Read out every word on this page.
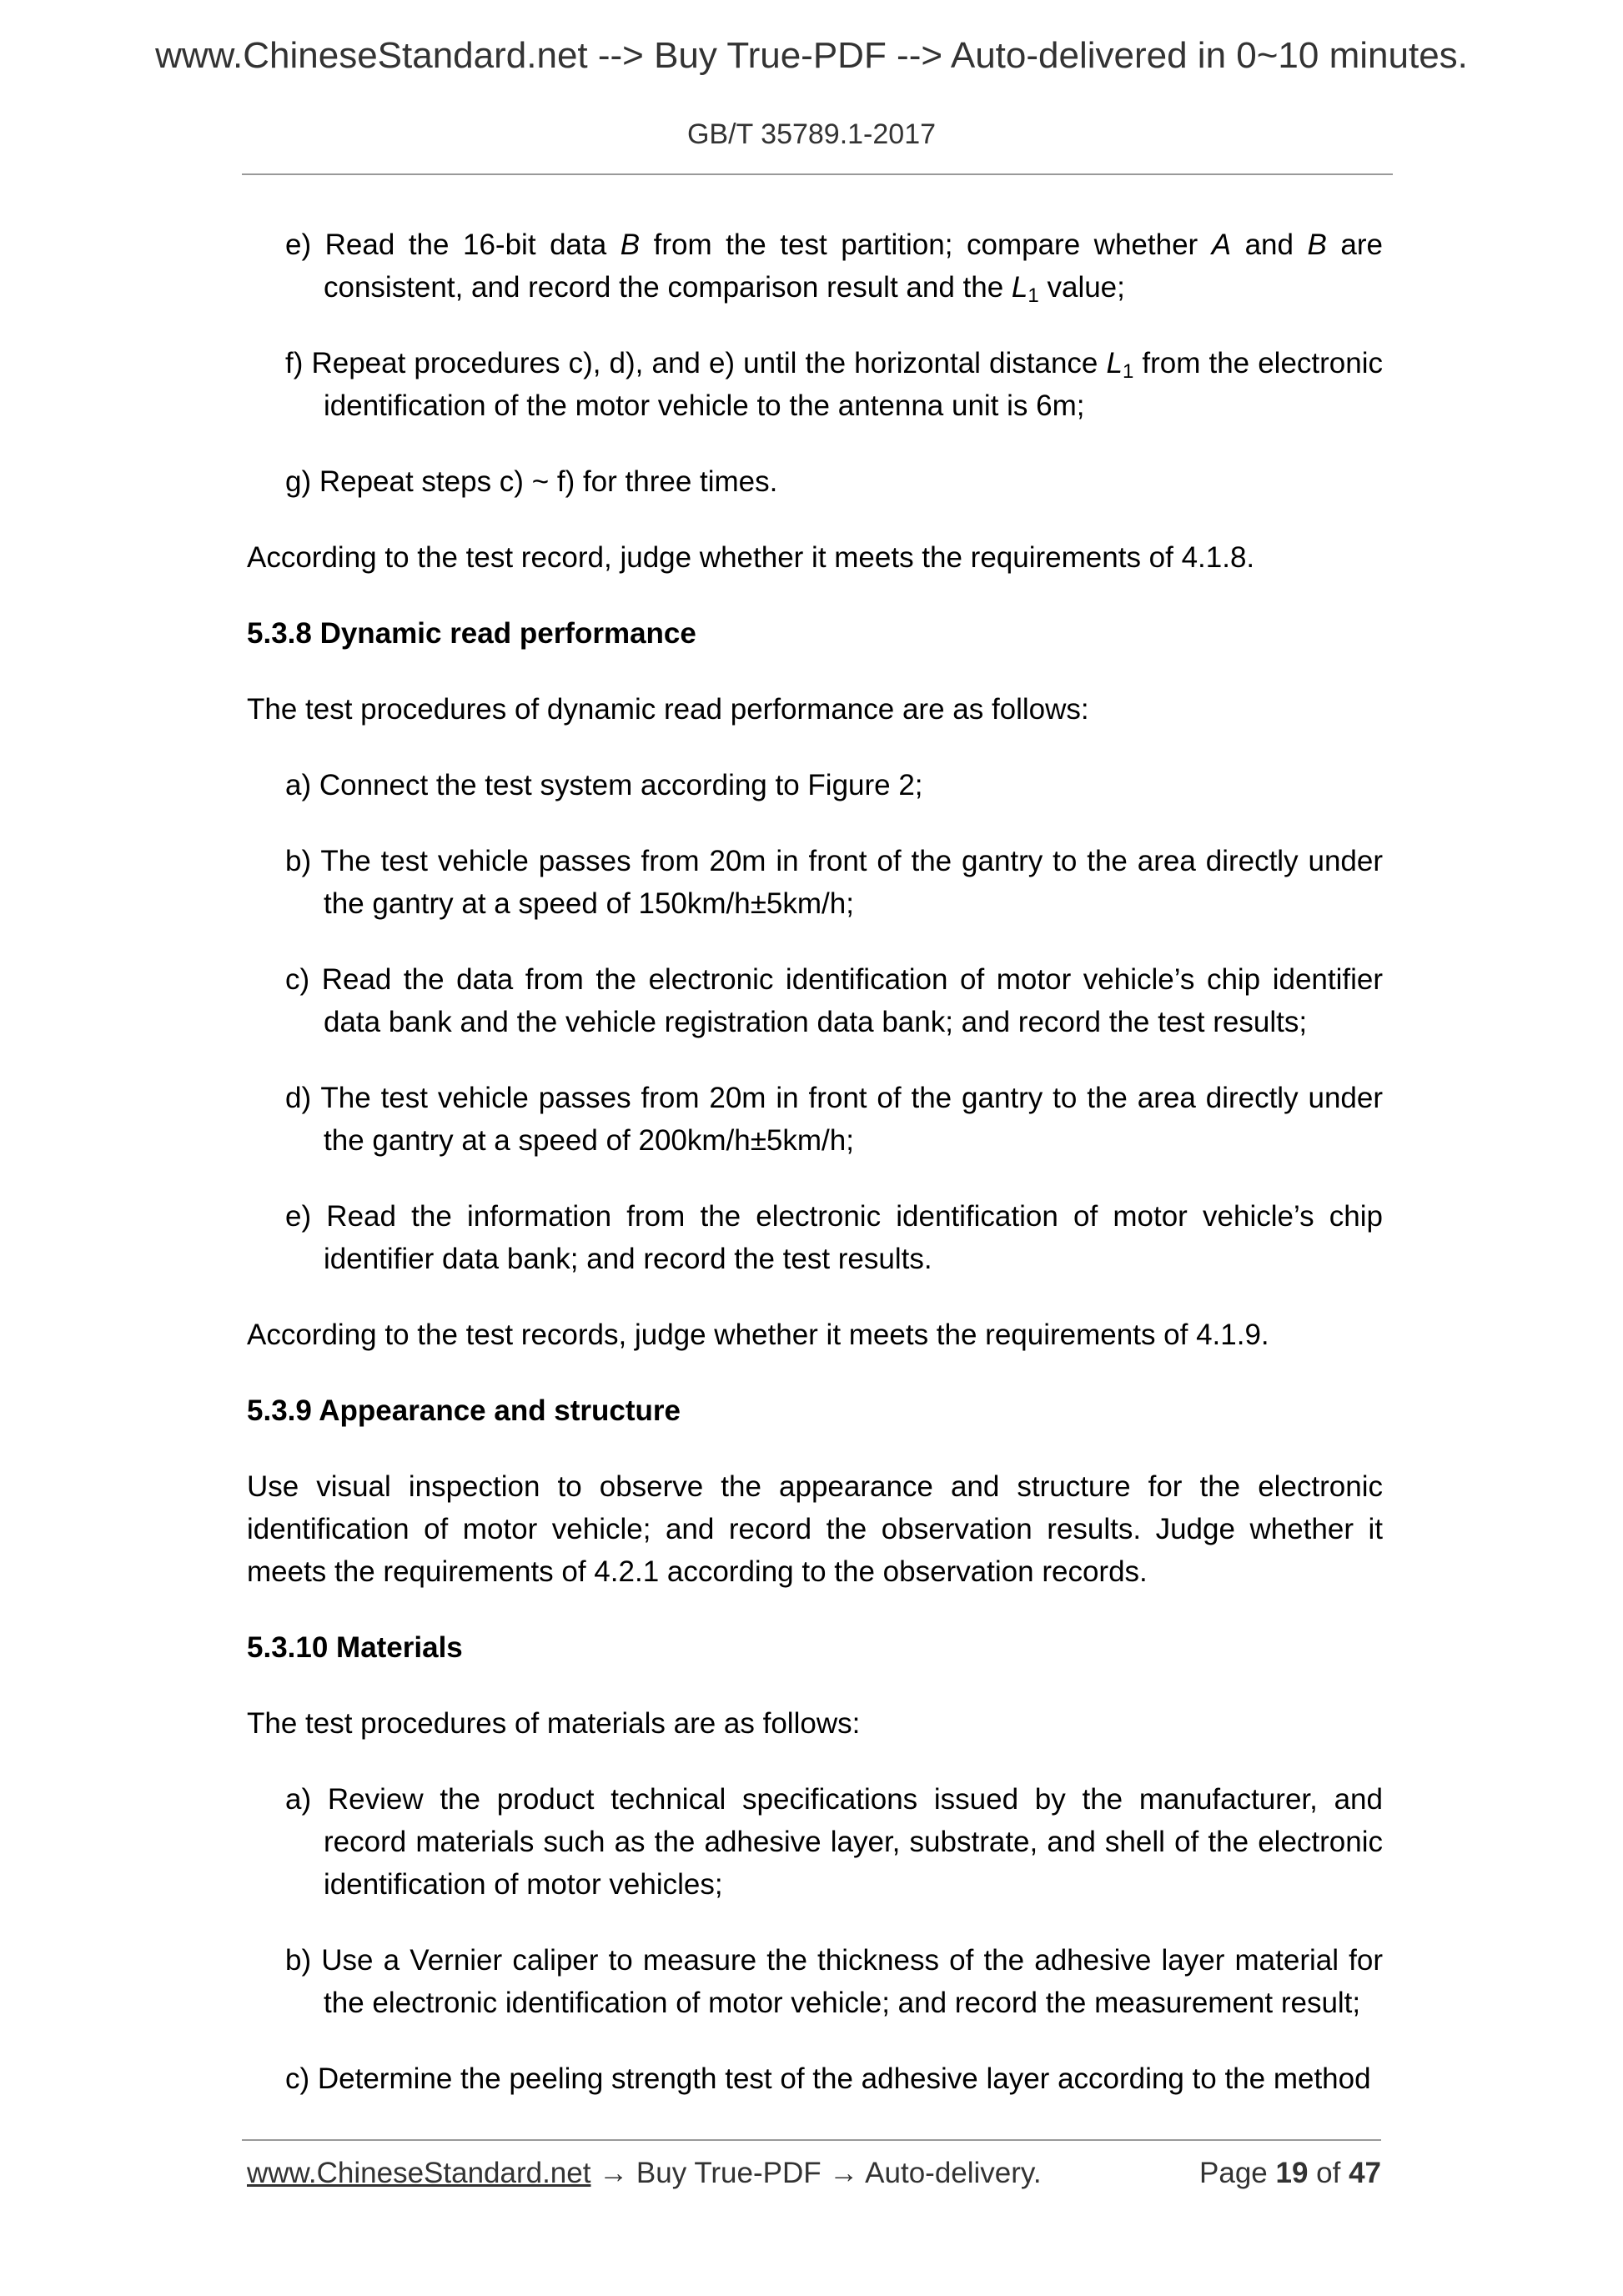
www.ChineseStandard.net --> Buy True-PDF --> Auto-delivered in 0~10 minutes.
GB/T 35789.1-2017

e) Read the 16-bit data B from the test partition; compare whether A and B are consistent, and record the comparison result and the $L_1$ value;

f) Repeat procedures c), d), and e) until the horizontal distance $L_1$ from the electronic identification of the motor vehicle to the antenna unit is 6m;

g) Repeat steps c) ~ f) for three times.

According to the test record, judge whether it meets the requirements of 4.1.8.

5.3.8 Dynamic read performance

The test procedures of dynamic read performance are as follows:

a) Connect the test system according to Figure 2;

b) The test vehicle passes from 20m in front of the gantry to the area directly under the gantry at a speed of 150km/h±5km/h;

c) Read the data from the electronic identification of motor vehicle’s chip identifier data bank and the vehicle registration data bank; and record the test results;

d) The test vehicle passes from 20m in front of the gantry to the area directly under the gantry at a speed of 200km/h±5km/h;

e) Read the information from the electronic identification of motor vehicle’s chip identifier data bank; and record the test results.

According to the test records, judge whether it meets the requirements of 4.1.9.

5.3.9 Appearance and structure

Use visual inspection to observe the appearance and structure for the electronic identification of motor vehicle; and record the observation results. Judge whether it meets the requirements of 4.2.1 according to the observation records.

5.3.10 Materials

The test procedures of materials are as follows:

a) Review the product technical specifications issued by the manufacturer, and record materials such as the adhesive layer, substrate, and shell of the electronic identification of motor vehicles;

b) Use a Vernier caliper to measure the thickness of the adhesive layer material for the electronic identification of motor vehicle; and record the measurement result;

c) Determine the peeling strength test of the adhesive layer according to the method

www.ChineseStandard.net → Buy True-PDF → Auto-delivery.	Page 19 of 47
